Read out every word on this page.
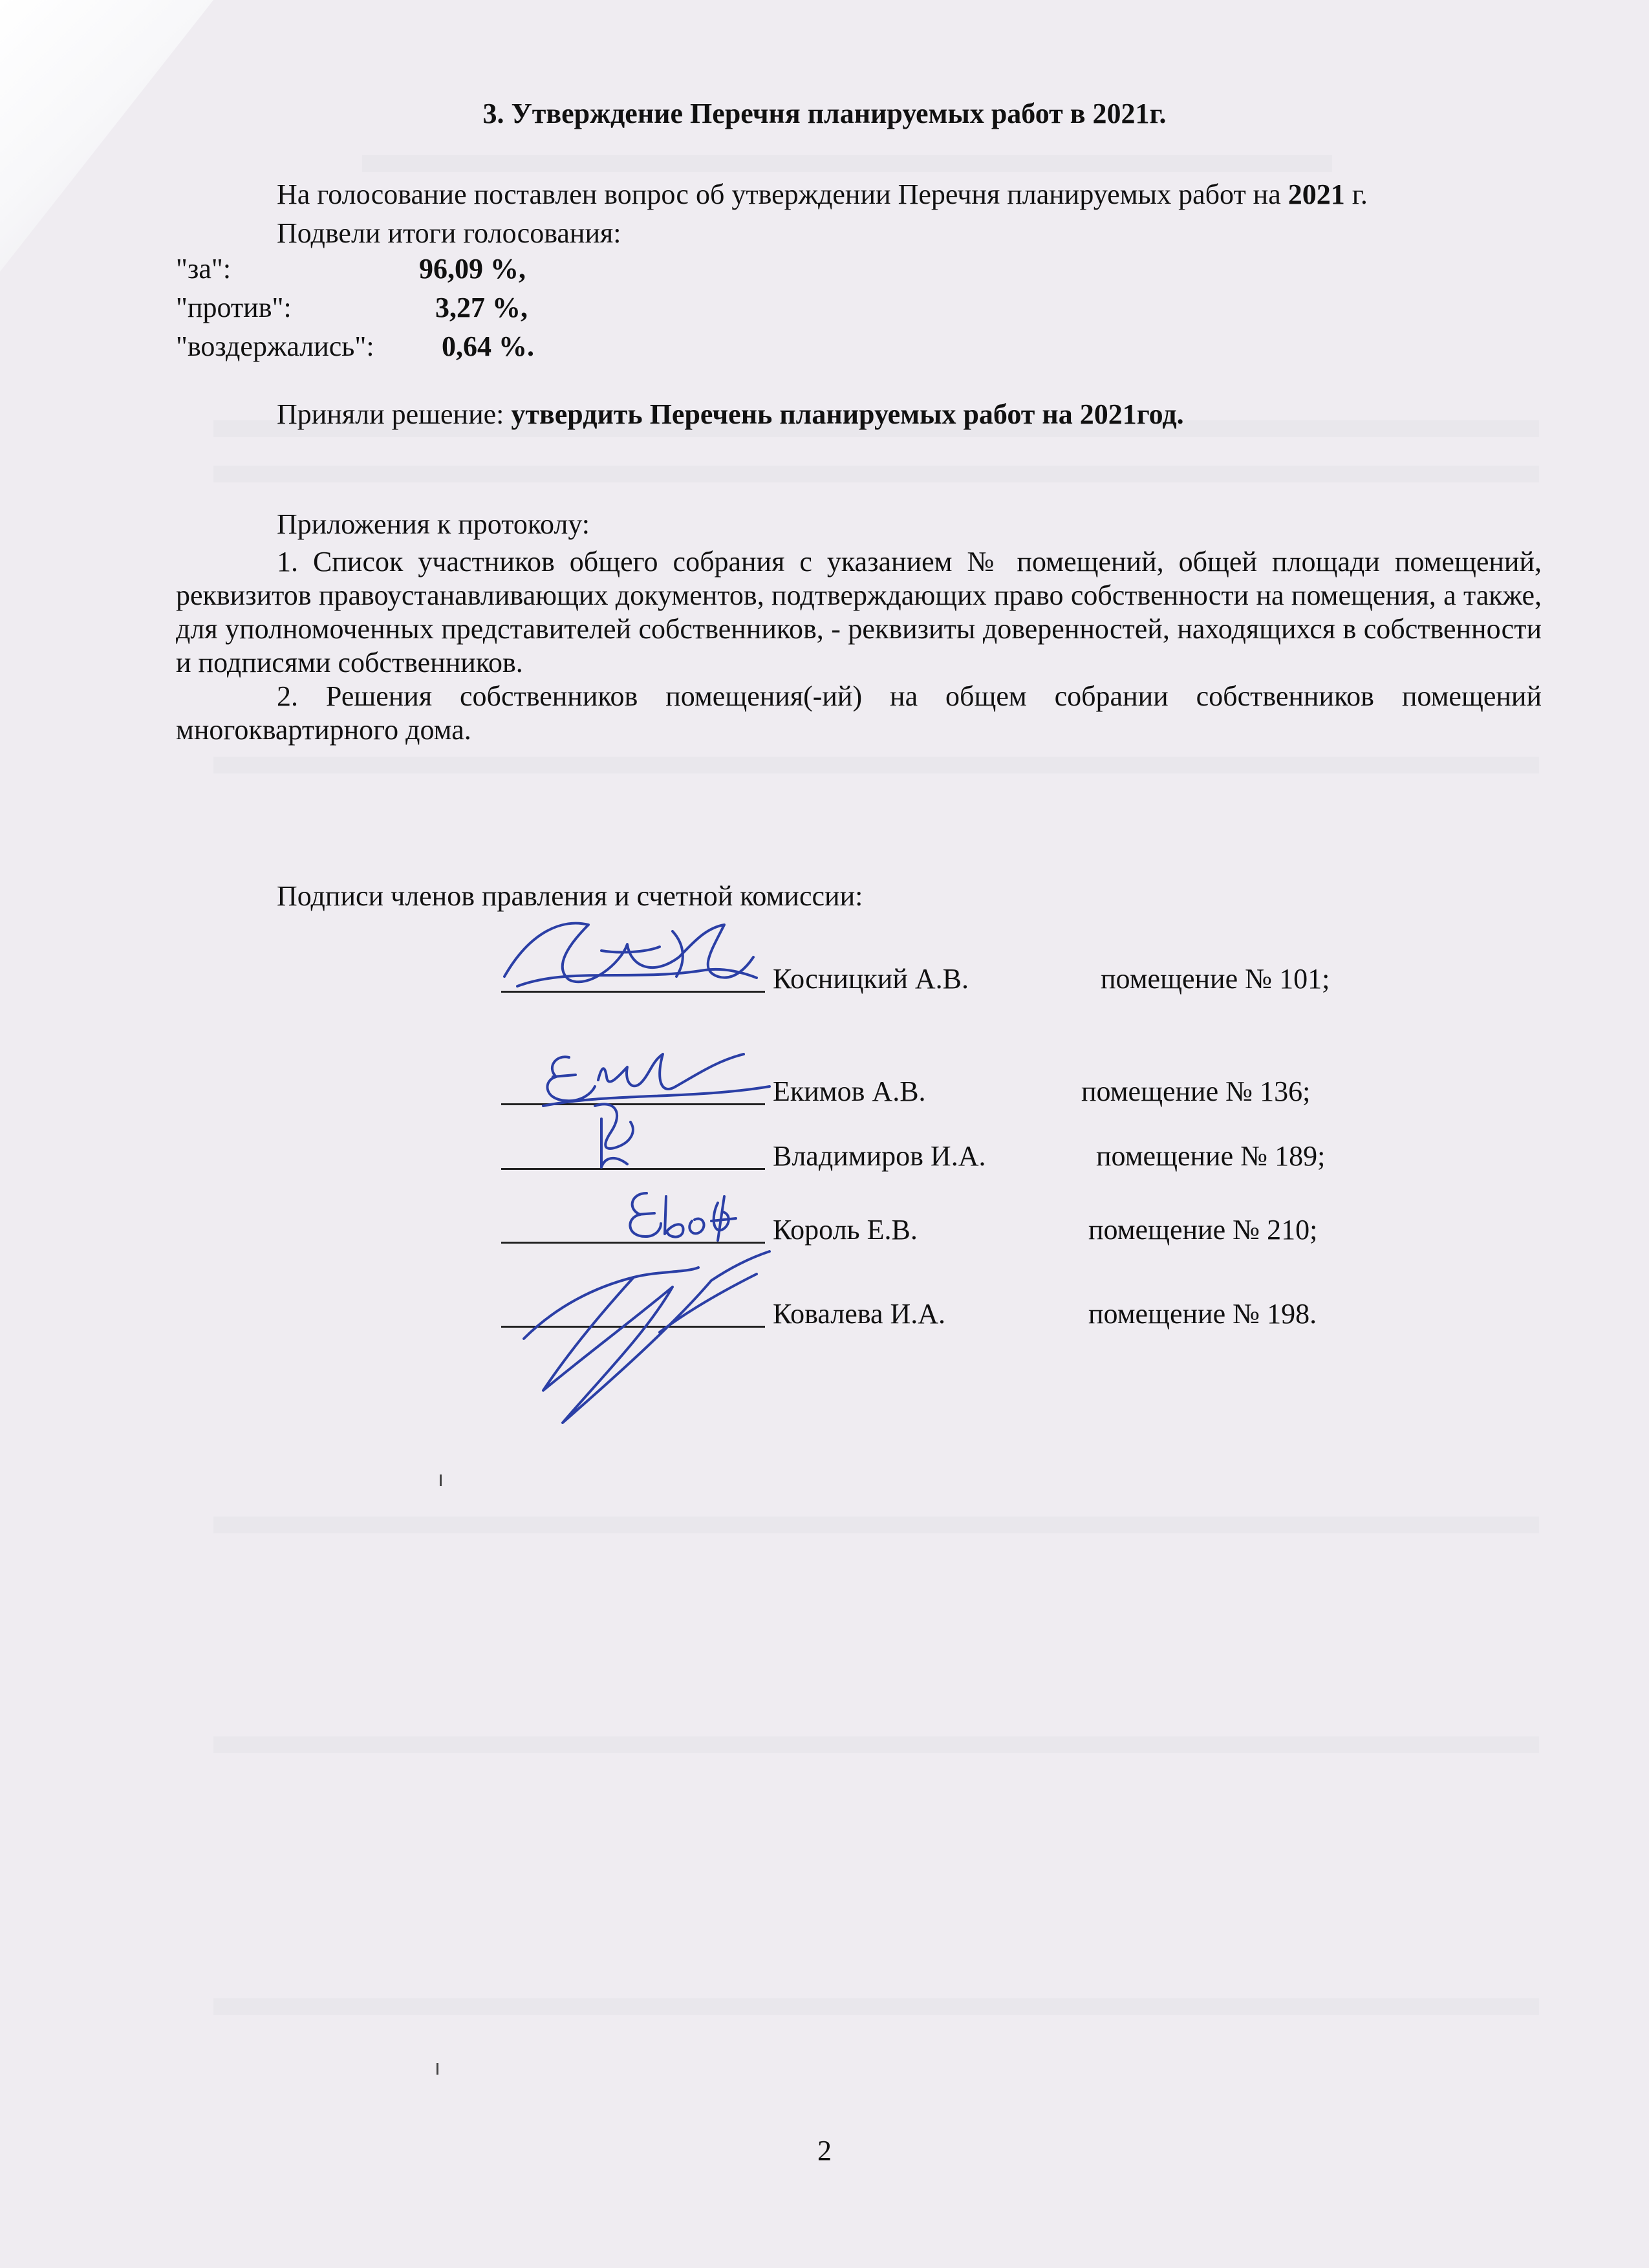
3. Утверждение Перечня планируемых работ в 2021г.

На голосование поставлен вопрос об утверждении Перечня планируемых работ на 2021 г.

Подвели итоги голосования:
"за":	96,09 %,
"против":	3,27 %,
"воздержались": 0,64 %.
Приняли решение: утвердить Перечень планируемых работ на 2021год.
Приложения к протоколу:

1. Список участников общего собрания с указанием № помещений, общей площади помещений, реквизитов правоустанавливающих документов, подтверждающих право собственности на помещения, а также, для уполномоченных представителей собственников, - реквизиты доверенностей, находящихся в собственности и подписями собственников.

2. Решения собственников помещения(-ий) на общем собрании собственников помещений многоквартирного дома.

Подписи членов правления и счетной комиссии:
Косницкий А.В.	помещение № 101;
Екимов А.В.	помещение № 136;
Владимиров И.А.	помещение № 189;
Король Е.В.	помещение № 210;
Ковалева И.А.	помещение № 198.
2
